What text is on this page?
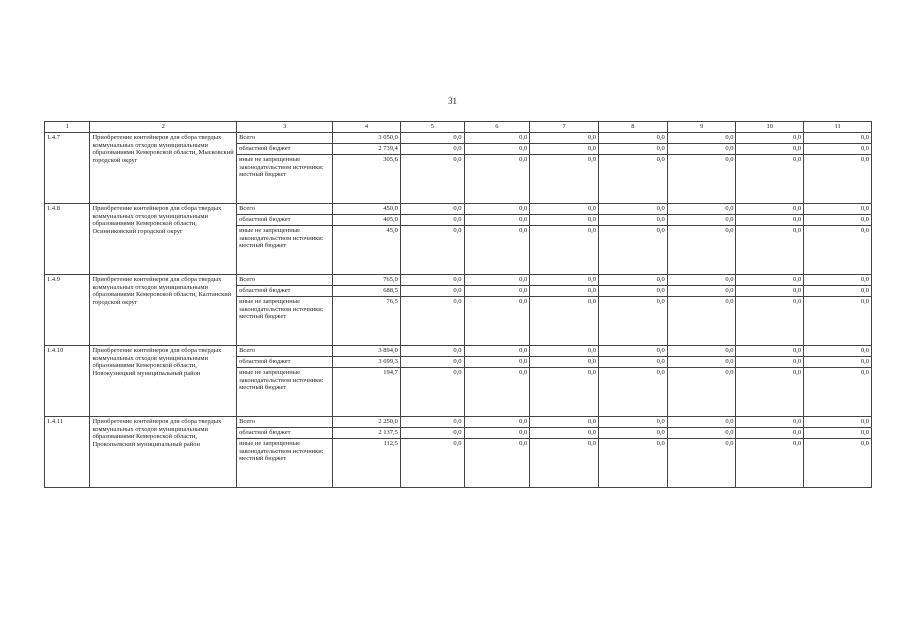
31
1	2	3	4	5	6	7	8	9	10	11
1.4.7	Приобретение контейнеров для сбора твердых коммунальных отходов муниципальными образованиями Кемеровской области, Мысковский городской округ	Всего	3 050,0	0,0	0,0	0,0	0,0	0,0	0,0	0,0
		областной бюджет	2 739,4	0,0	0,0	0,0	0,0	0,0	0,0	0,0
		иные не запрещенные законодательством источники: местный бюджет	305,6	0,0	0,0	0,0	0,0	0,0	0,0	0,0
1.4.8	Приобретение контейнеров для сбора твердых коммунальных отходов муниципальными образованиями Кемеровской области, Осинниковский городской округ	Всего	450,0	0,0	0,0	0,0	0,0	0,0	0,0	0,0
		областной бюджет	405,0	0,0	0,0	0,0	0,0	0,0	0,0	0,0
		иные не запрещенные законодательством источники: местный бюджет	45,0	0,0	0,0	0,0	0,0	0,0	0,0	0,0
1.4.9	Приобретение контейнеров для сбора твердых коммунальных отходов муниципальными образованиями Кемеровской области, Калтанский городской округ	Всего	765,0	0,0	0,0	0,0	0,0	0,0	0,0	0,0
		областной бюджет	688,5	0,0	0,0	0,0	0,0	0,0	0,0	0,0
		иные не запрещенные законодательством источники: местный бюджет	76,5	0,0	0,0	0,0	0,0	0,0	0,0	0,0
1.4.10	Приобретение контейнеров для сбора твердых коммунальных отходов муниципальными образованиями Кемеровской области, Новокузнецкий муниципальный район	Всего	3 894,0	0,0	0,0	0,0	0,0	0,0	0,0	0,0
		областной бюджет	3 699,3	0,0	0,0	0,0	0,0	0,0	0,0	0,0
		иные не запрещенные законодательством источники: местный бюджет	194,7	0,0	0,0	0,0	0,0	0,0	0,0	0,0
1.4.11	Приобретение контейнеров для сбора твердых коммунальных отходов муниципальными образованиями Кемеровской области, Прокопьевский муниципальный район	Всего	2 250,0	0,0	0,0	0,0	0,0	0,0	0,0	0,0
		областной бюджет	2 137,5	0,0	0,0	0,0	0,0	0,0	0,0	0,0
		иные не запрещенные законодательством источники: местный бюджет	112,5	0,0	0,0	0,0	0,0	0,0	0,0	0,0
